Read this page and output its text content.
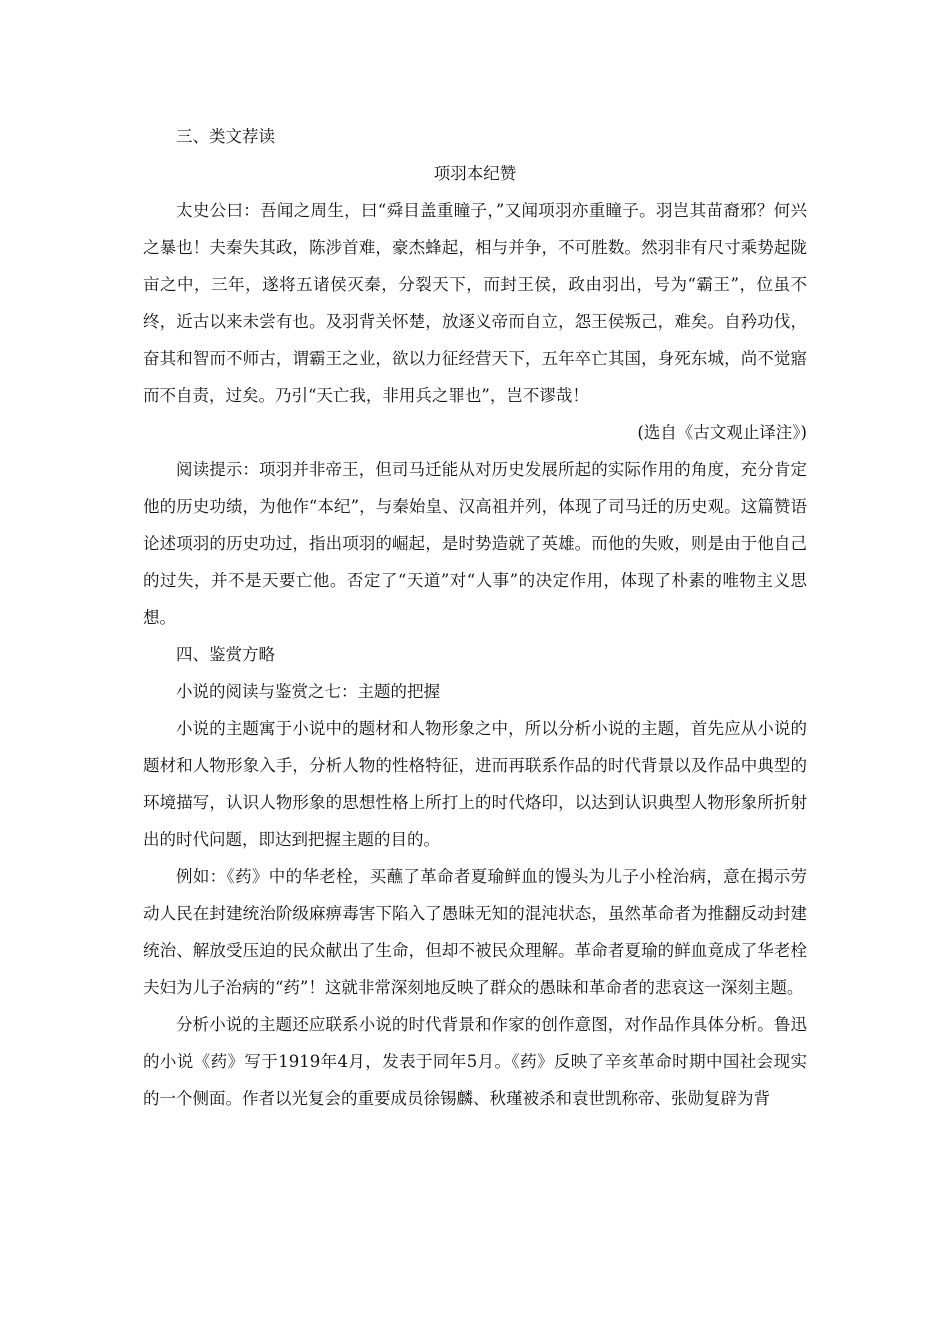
三、类文荐读

项羽本纪赞

太史公曰：吾闻之周生，曰“舜目盖重瞳子，”又闻项羽亦重瞳子。羽岂其苗裔邪？何兴之暴也！夫秦失其政，陈涉首难，豪杰蜂起，相与并争，不可胜数。然羽非有尺寸乘势起陇亩之中，三年，遂将五诸侯灭秦，分裂天下，而封王侯，政由羽出，号为“霸王”，位虽不终，近古以来未尝有也。及羽背关怀楚，放逐义帝而自立，怨王侯叛己，难矣。自矜功伐，奋其和智而不师古，谓霸王之业，欲以力征经营天下，五年卒亡其国，身死东城，尚不觉寤而不自责，过矣。乃引“天亡我，非用兵之罪也”，岂不谬哉！

(选自《古文观止译注》)

阅读提示：项羽并非帝王，但司马迁能从对历史发展所起的实际作用的角度，充分肯定他的历史功绩，为他作“本纪”，与秦始皇、汉高祖并列，体现了司马迁的历史观。这篇赞语论述项羽的历史功过，指出项羽的崛起，是时势造就了英雄。而他的失败，则是由于他自己的过失，并不是天要亡他。否定了“天道”对“人事”的决定作用，体现了朴素的唯物主义思想。

四、鉴赏方略

小说的阅读与鉴赏之七：主题的把握

小说的主题寓于小说中的题材和人物形象之中，所以分析小说的主题，首先应从小说的题材和人物形象入手，分析人物的性格特征，进而再联系作品的时代背景以及作品中典型的环境描写，认识人物形象的思想性格上所打上的时代烙印，以达到认识典型人物形象所折射出的时代问题，即达到把握主题的目的。

例如：《药》中的华老栓，买蘸了革命者夏瑜鲜血的馒头为儿子小栓治病，意在揭示劳动人民在封建统治阶级麻痹毒害下陷入了愚昧无知的混沌状态，虽然革命者为推翻反动封建统治、解放受压迫的民众献出了生命，但却不被民众理解。革命者夏瑜的鲜血竟成了华老栓夫妇为儿子治病的“药”！这就非常深刻地反映了群众的愚昧和革命者的悲哀这一深刻主题。

分析小说的主题还应联系小说的时代背景和作家的创作意图，对作品作具体分析。鲁迅的小说《药》写于1919年4月，发表于同年5月。《药》反映了辛亥革命时期中国社会现实的一个侧面。作者以光复会的重要成员徐锡麟、秋瑾被杀和袁世凯称帝、张勋复辟为背
